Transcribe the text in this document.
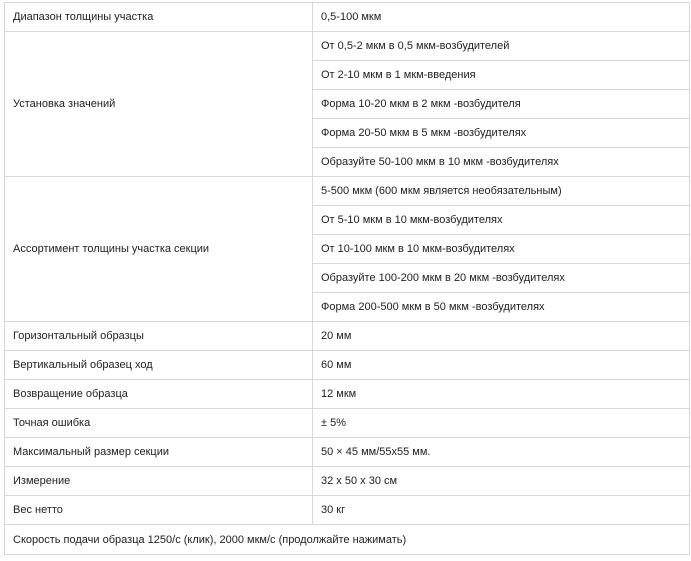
Диапазон толщины участка	0,5-100 мкм
Установка значений	От 0,5-2 мкм в 0,5 мкм-возбудителей
	От 2-10 мкм в 1 мкм-введения
	Форма 10-20 мкм в 2 мкм -возбудителя
	Форма 20-50 мкм в 5 мкм -возбудителях
	Образуйте 50-100 мкм в 10 мкм -возбудителях
Ассортимент толщины участка секции	5-500 мкм (600 мкм является необязательным)
	От 5-10 мкм в 10 мкм-возбудителях
	От 10-100 мкм в 10 мкм-возбудителях
	Образуйте 100-200 мкм в 20 мкм -возбудителях
	Форма 200-500 мкм в 50 мкм -возбудителях
Горизонтальный образцы	20 мм
Вертикальный образец ход	60 мм
Возвращение образца	12 мкм
Точная ошибка	± 5%
Максимальный размер секции	50 × 45 мм/55х55 мм.
Измерение	32 х 50 х 30 см
Вес нетто	30 кг
Скорость подачи образца 1250/с (клик), 2000 мкм/с (продолжайте нажимать)	
